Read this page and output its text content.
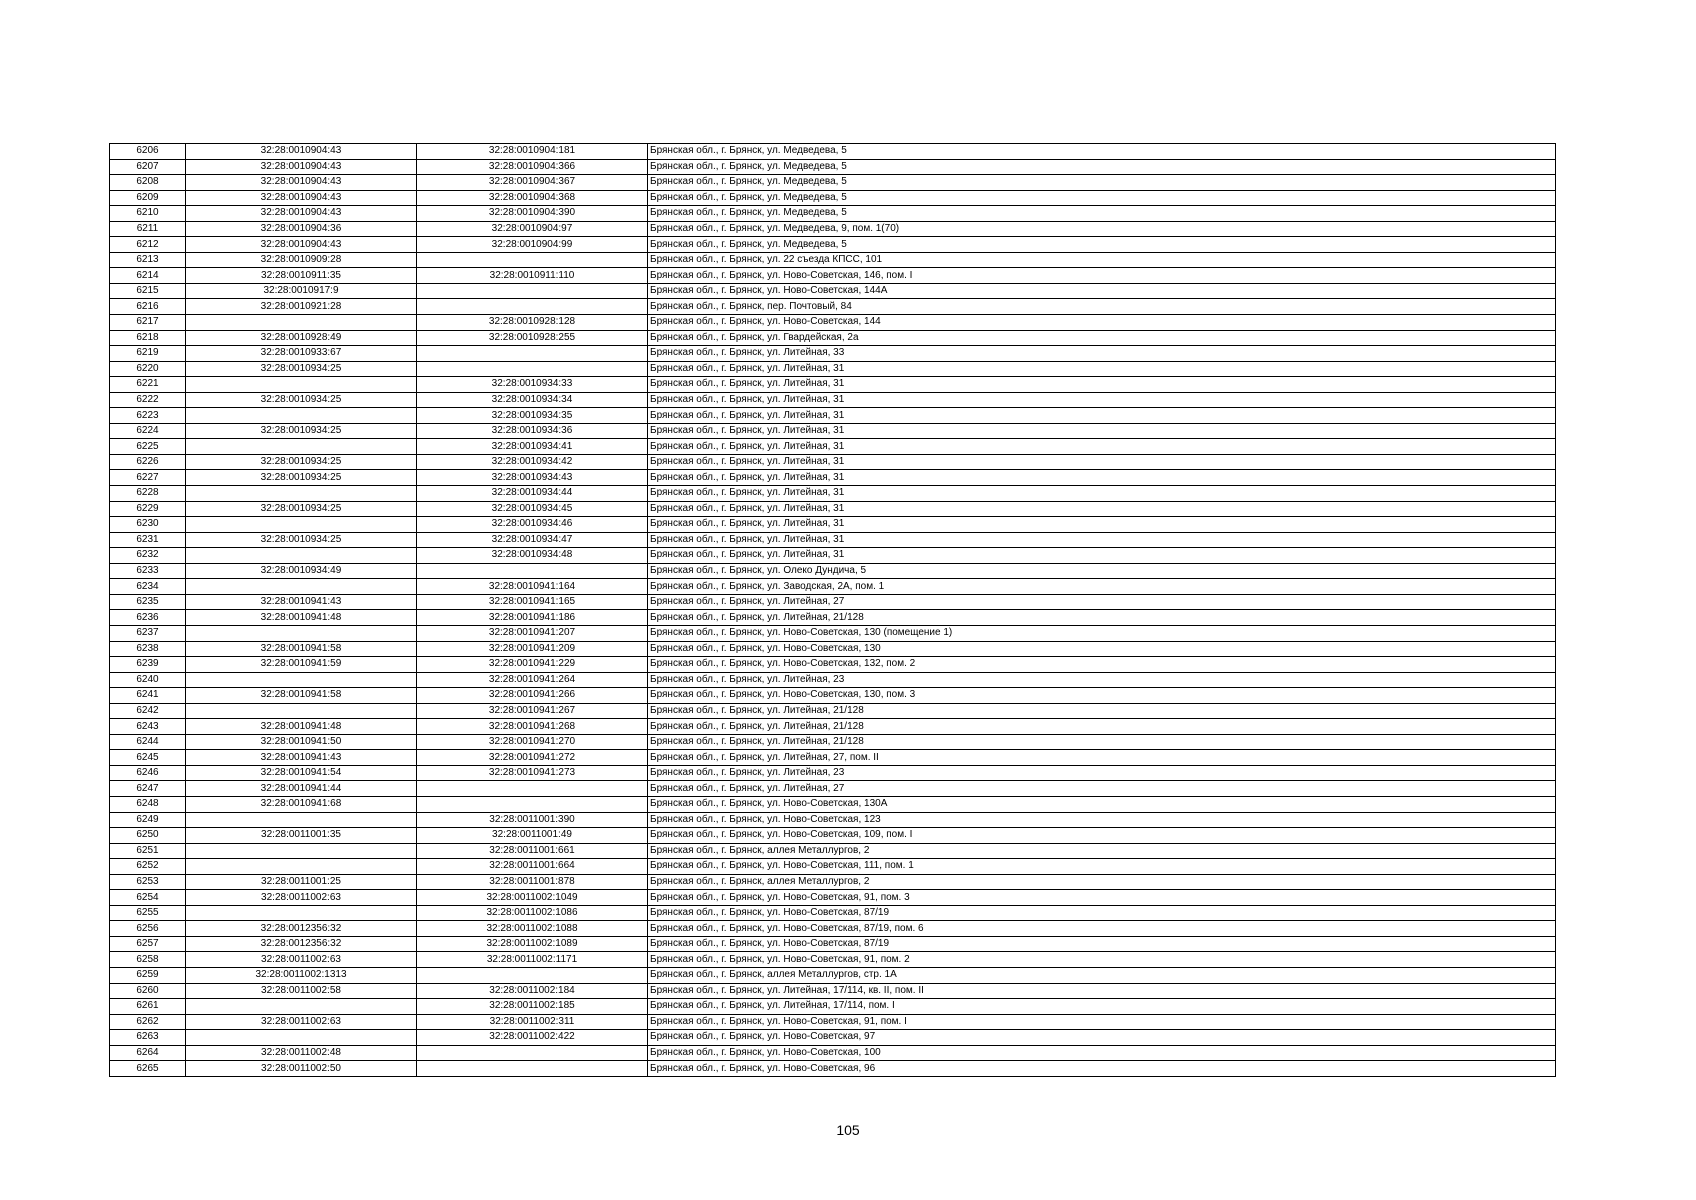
6206	32:28:0010904:43	32:28:0010904:181	Брянская обл., г. Брянск, ул. Медведева, 5
6207	32:28:0010904:43	32:28:0010904:366	Брянская обл., г. Брянск, ул. Медведева, 5
6208	32:28:0010904:43	32:28:0010904:367	Брянская обл., г. Брянск, ул. Медведева, 5
6209	32:28:0010904:43	32:28:0010904:368	Брянская обл., г. Брянск, ул. Медведева, 5
6210	32:28:0010904:43	32:28:0010904:390	Брянская обл., г. Брянск, ул. Медведева, 5
6211	32:28:0010904:36	32:28:0010904:97	Брянская обл., г. Брянск, ул. Медведева, 9, пом. 1(70)
6212	32:28:0010904:43	32:28:0010904:99	Брянская обл., г. Брянск, ул. Медведева, 5
6213	32:28:0010909:28		Брянская обл., г. Брянск, ул. 22 съезда КПСС, 101
6214	32:28:0010911:35	32:28:0010911:110	Брянская обл., г. Брянск, ул. Ново-Советская, 146, пом. I
6215	32:28:0010917:9		Брянская обл., г. Брянск, ул. Ново-Советская, 144А
6216	32:28:0010921:28		Брянская обл., г. Брянск, пер. Почтовый, 84
6217		32:28:0010928:128	Брянская обл., г. Брянск, ул. Ново-Советская, 144
6218	32:28:0010928:49	32:28:0010928:255	Брянская обл., г. Брянск, ул. Гвардейская, 2а
6219	32:28:0010933:67		Брянская обл., г. Брянск, ул. Литейная, 33
6220	32:28:0010934:25		Брянская обл., г. Брянск, ул. Литейная, 31
6221		32:28:0010934:33	Брянская обл., г. Брянск, ул. Литейная, 31
6222	32:28:0010934:25	32:28:0010934:34	Брянская обл., г. Брянск, ул. Литейная, 31
6223		32:28:0010934:35	Брянская обл., г. Брянск, ул. Литейная, 31
6224	32:28:0010934:25	32:28:0010934:36	Брянская обл., г. Брянск, ул. Литейная, 31
6225		32:28:0010934:41	Брянская обл., г. Брянск, ул. Литейная, 31
6226	32:28:0010934:25	32:28:0010934:42	Брянская обл., г. Брянск, ул. Литейная, 31
6227	32:28:0010934:25	32:28:0010934:43	Брянская обл., г. Брянск, ул. Литейная, 31
6228		32:28:0010934:44	Брянская обл., г. Брянск, ул. Литейная, 31
6229	32:28:0010934:25	32:28:0010934:45	Брянская обл., г. Брянск, ул. Литейная, 31
6230		32:28:0010934:46	Брянская обл., г. Брянск, ул. Литейная, 31
6231	32:28:0010934:25	32:28:0010934:47	Брянская обл., г. Брянск, ул. Литейная, 31
6232		32:28:0010934:48	Брянская обл., г. Брянск, ул. Литейная, 31
6233	32:28:0010934:49		Брянская обл., г. Брянск, ул. Олеко Дундича, 5
6234		32:28:0010941:164	Брянская обл., г. Брянск, ул. Заводская, 2А, пом. 1
6235	32:28:0010941:43	32:28:0010941:165	Брянская обл., г. Брянск, ул. Литейная, 27
6236	32:28:0010941:48	32:28:0010941:186	Брянская обл., г. Брянск, ул. Литейная, 21/128
6237		32:28:0010941:207	Брянская обл., г. Брянск, ул. Ново-Советская, 130 (помещение 1)
6238	32:28:0010941:58	32:28:0010941:209	Брянская обл., г. Брянск, ул. Ново-Советская, 130
6239	32:28:0010941:59	32:28:0010941:229	Брянская обл., г. Брянск, ул. Ново-Советская, 132, пом. 2
6240		32:28:0010941:264	Брянская обл., г. Брянск, ул. Литейная, 23
6241	32:28:0010941:58	32:28:0010941:266	Брянская обл., г. Брянск, ул. Ново-Советская, 130, пом. 3
6242		32:28:0010941:267	Брянская обл., г. Брянск, ул. Литейная, 21/128
6243	32:28:0010941:48	32:28:0010941:268	Брянская обл., г. Брянск, ул. Литейная, 21/128
6244	32:28:0010941:50	32:28:0010941:270	Брянская обл., г. Брянск, ул. Литейная, 21/128
6245	32:28:0010941:43	32:28:0010941:272	Брянская обл., г. Брянск, ул. Литейная, 27, пом. II
6246	32:28:0010941:54	32:28:0010941:273	Брянская обл., г. Брянск, ул. Литейная, 23
6247	32:28:0010941:44		Брянская обл., г. Брянск, ул. Литейная, 27
6248	32:28:0010941:68		Брянская обл., г. Брянск, ул. Ново-Советская, 130А
6249		32:28:0011001:390	Брянская обл., г. Брянск, ул. Ново-Советская, 123
6250	32:28:0011001:35	32:28:0011001:49	Брянская обл., г. Брянск, ул. Ново-Советская, 109, пом. I
6251		32:28:0011001:661	Брянская обл., г. Брянск, аллея Металлургов, 2
6252		32:28:0011001:664	Брянская обл., г. Брянск, ул. Ново-Советская, 111, пом. 1
6253	32:28:0011001:25	32:28:0011001:878	Брянская обл., г. Брянск, аллея Металлургов, 2
6254	32:28:0011002:63	32:28:0011002:1049	Брянская обл., г. Брянск, ул. Ново-Советская, 91, пом. 3
6255		32:28:0011002:1086	Брянская обл., г. Брянск, ул. Ново-Советская, 87/19
6256	32:28:0012356:32	32:28:0011002:1088	Брянская обл., г. Брянск, ул. Ново-Советская, 87/19, пом. 6
6257	32:28:0012356:32	32:28:0011002:1089	Брянская обл., г. Брянск, ул. Ново-Советская, 87/19
6258	32:28:0011002:63	32:28:0011002:1171	Брянская обл., г. Брянск, ул. Ново-Советская, 91, пом. 2
6259	32:28:0011002:1313		Брянская обл., г. Брянск, аллея Металлургов, стр. 1А
6260	32:28:0011002:58	32:28:0011002:184	Брянская обл., г. Брянск, ул. Литейная, 17/114, кв. II, пом. II
6261		32:28:0011002:185	Брянская обл., г. Брянск, ул. Литейная, 17/114, пом. I
6262	32:28:0011002:63	32:28:0011002:311	Брянская обл., г. Брянск, ул. Ново-Советская, 91, пом. I
6263		32:28:0011002:422	Брянская обл., г. Брянск, ул. Ново-Советская, 97
6264	32:28:0011002:48		Брянская обл., г. Брянск, ул. Ново-Советская, 100
6265	32:28:0011002:50		Брянская обл., г. Брянск, ул. Ново-Советская, 96
105
